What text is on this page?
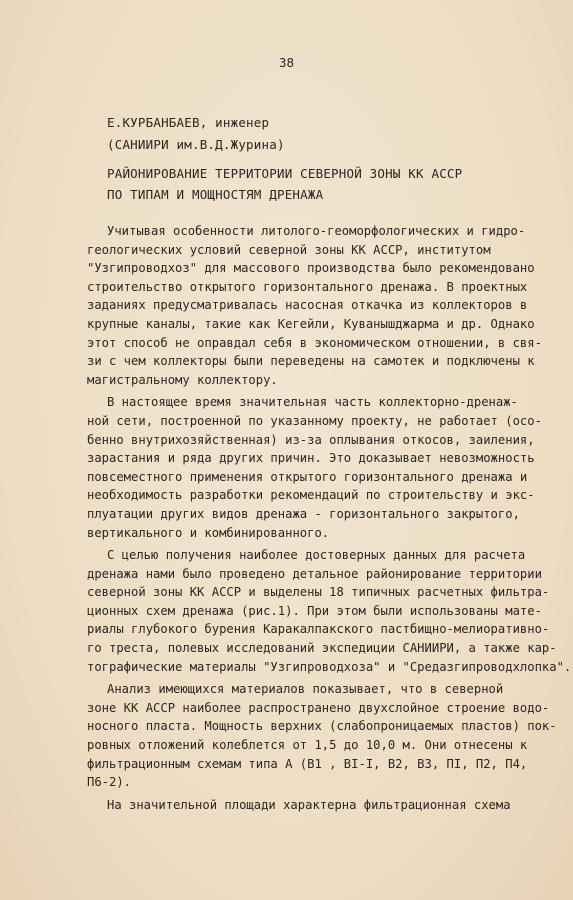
38
Е.КУРБАНБАЕВ, инженер
(САНИИРИ им.В.Д.Журина)
РАЙОНИРОВАНИЕ ТЕРРИТОРИИ СЕВЕРНОЙ ЗОНЫ КК АССР
ПО ТИПАМ И МОЩНОСТЯМ ДРЕНАЖА
Учитывая особенности литолого-геоморфологических и гидро-
геологических условий северной зоны КК АССР, институтом
"Узгипроводхоз" для массового производства было рекомендовано
строительство открытого горизонтального дренажа. В проектных
заданиях предусматривалась насосная откачка из коллекторов в
крупные каналы, такие как Кегейли, Куванышджарма и др. Однако
этот способ не оправдал себя в экономическом отношении, в свя-
зи с чем коллекторы были переведены на самотек и подключены к
магистральному коллектору.
В настоящее время значительная часть коллекторно-дренаж-
ной сети, построенной по указанному проекту, не работает (осо-
бенно внутрихозяйственная) из-за оплывания откосов, заиления,
зарастания и ряда других причин. Это доказывает невозможность
повсеместного применения открытого горизонтального дренажа и
необходимость разработки рекомендаций по строительству и экс-
плуатации других видов дренажа - горизонтального закрытого,
вертикального и комбинированного.
С целью получения наиболее достоверных данных для расчета
дренажа нами было проведено детальное районирование территории
северной зоны КК АССР и выделены 18 типичных расчетных фильтра-
ционных схем дренажа (рис.1). При этом были использованы мате-
риалы глубокого бурения Каракалпакского пастбищно-мелиоративно-
го треста, полевых исследований экспедиции САНИИРИ, а также кар-
тографические материалы "Узгипроводхоза" и "Средазгипроводхлопка".
Анализ имеющихся материалов показывает, что в северной
зоне КК АССР наиболее распространено двухслойное строение водо-
носного пласта. Мощность верхних (слабопроницаемых пластов) пок-
ровных отложений колеблется от 1,5 до 10,0 м. Они отнесены к
фильтрационным схемам типа А (B1 , BI-I, B2, B3, ПI, П2, П4,
П6-2).
На значительной площади характерна фильтрационная схема
